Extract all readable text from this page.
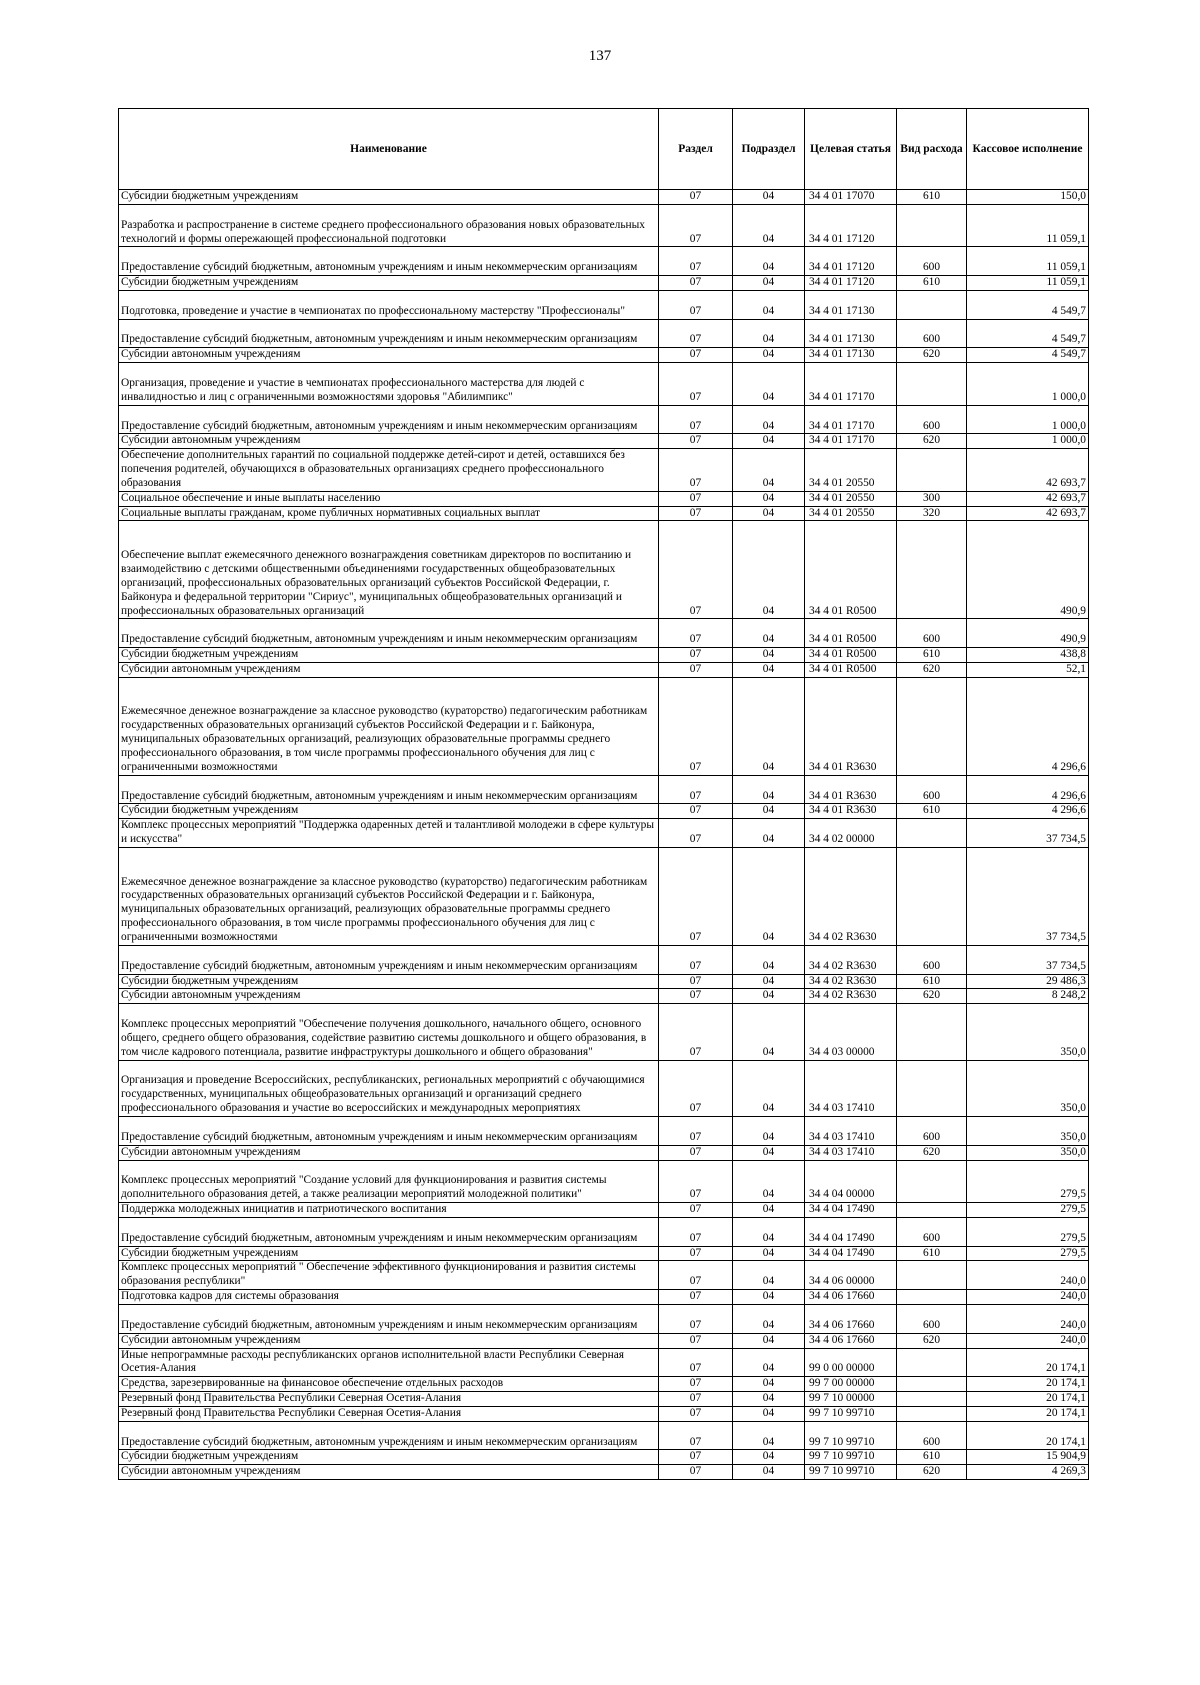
137
Наименование	Раздел	Подраздел	Целевая статья	Вид расхода	Кассовое исполнение
Субсидии бюджетным учреждениям	07	04	34 4 01 17070	610	150,0
Разработка и распространение в системе среднего профессионального образования новых образовательных технологий и формы опережающей профессиональной подготовки	07	04	34 4 01 17120		11 059,1
Предоставление субсидий бюджетным, автономным учреждениям и иным некоммерческим организациям	07	04	34 4 01 17120	600	11 059,1
Субсидии бюджетным учреждениям	07	04	34 4 01 17120	610	11 059,1
Подготовка, проведение и участие в чемпионатах по профессиональному мастерству "Профессионалы"	07	04	34 4 01 17130		4 549,7
Предоставление субсидий бюджетным, автономным учреждениям и иным некоммерческим организациям	07	04	34 4 01 17130	600	4 549,7
Субсидии автономным учреждениям	07	04	34 4 01 17130	620	4 549,7
Организация, проведение и участие в чемпионатах профессионального мастерства для людей с инвалидностью и лиц с ограниченными возможностями здоровья "Абилимпикс"	07	04	34 4 01 17170		1 000,0
Предоставление субсидий бюджетным, автономным учреждениям и иным некоммерческим организациям	07	04	34 4 01 17170	600	1 000,0
Субсидии автономным учреждениям	07	04	34 4 01 17170	620	1 000,0
Обеспечение дополнительных гарантий по социальной поддержке детей-сирот и детей, оставшихся без попечения родителей, обучающихся в образовательных организациях среднего профессионального образования	07	04	34 4 01 20550		42 693,7
Социальное обеспечение и иные выплаты населению	07	04	34 4 01 20550	300	42 693,7
Социальные выплаты гражданам, кроме публичных нормативных социальных выплат	07	04	34 4 01 20550	320	42 693,7
Обеспечение выплат ежемесячного денежного вознаграждения советникам директоров по воспитанию и взаимодействию с детскими общественными объединениями государственных общеобразовательных организаций, профессиональных образовательных организаций субъектов Российской Федерации, г. Байконура и федеральной территории "Сириус", муниципальных общеобразовательных организаций и профессиональных образовательных организаций	07	04	34 4 01 R0500		490,9
Предоставление субсидий бюджетным, автономным учреждениям и иным некоммерческим организациям	07	04	34 4 01 R0500	600	490,9
Субсидии бюджетным учреждениям	07	04	34 4 01 R0500	610	438,8
Субсидии автономным учреждениям	07	04	34 4 01 R0500	620	52,1
Ежемесячное денежное вознаграждение за классное руководство (кураторство) педагогическим работникам государственных образовательных организаций субъектов Российской Федерации и г. Байконура, муниципальных образовательных организаций, реализующих образовательные программы среднего профессионального образования, в том числе программы профессионального обучения для лиц с ограниченными возможностями	07	04	34 4 01 R3630		4 296,6
Предоставление субсидий бюджетным, автономным учреждениям и иным некоммерческим организациям	07	04	34 4 01 R3630	600	4 296,6
Субсидии бюджетным учреждениям	07	04	34 4 01 R3630	610	4 296,6
Комплекс процессных мероприятий "Поддержка одаренных детей и талантливой молодежи в сфере культуры и искусства"	07	04	34 4 02 00000		37 734,5
Ежемесячное денежное вознаграждение за классное руководство (кураторство) педагогическим работникам государственных образовательных организаций субъектов Российской Федерации и г. Байконура, муниципальных образовательных организаций, реализующих образовательные программы среднего профессионального образования, в том числе программы профессионального обучения для лиц с ограниченными возможностями	07	04	34 4 02 R3630		37 734,5
Предоставление субсидий бюджетным, автономным учреждениям и иным некоммерческим организациям	07	04	34 4 02 R3630	600	37 734,5
Субсидии бюджетным учреждениям	07	04	34 4 02 R3630	610	29 486,3
Субсидии автономным учреждениям	07	04	34 4 02 R3630	620	8 248,2
Комплекс процессных мероприятий "Обеспечение получения дошкольного, начального общего, основного общего, среднего общего образования, содействие развитию системы дошкольного и общего образования, в том числе кадрового потенциала, развитие инфраструктуры дошкольного и общего образования"	07	04	34 4 03 00000		350,0
Организация и проведение Всероссийских, республиканских, региональных мероприятий с обучающимися государственных, муниципальных общеобразовательных организаций и организаций среднего профессионального образования и участие во всероссийских и международных мероприятиях	07	04	34 4 03 17410		350,0
Предоставление субсидий бюджетным, автономным учреждениям и иным некоммерческим организациям	07	04	34 4 03 17410	600	350,0
Субсидии автономным учреждениям	07	04	34 4 03 17410	620	350,0
Комплекс процессных мероприятий "Создание условий для функционирования и развития системы дополнительного образования детей, а также реализации мероприятий молодежной политики"	07	04	34 4 04 00000		279,5
Поддержка молодежных инициатив и патриотического воспитания	07	04	34 4 04 17490		279,5
Предоставление субсидий бюджетным, автономным учреждениям и иным некоммерческим организациям	07	04	34 4 04 17490	600	279,5
Субсидии бюджетным учреждениям	07	04	34 4 04 17490	610	279,5
Комплекс процессных мероприятий " Обеспечение эффективного функционирования и развития системы образования республики"	07	04	34 4 06 00000		240,0
Подготовка кадров для системы образования	07	04	34 4 06 17660		240,0
Предоставление субсидий бюджетным, автономным учреждениям и иным некоммерческим организациям	07	04	34 4 06 17660	600	240,0
Субсидии автономным учреждениям	07	04	34 4 06 17660	620	240,0
Иные непрограммные расходы республиканских органов исполнительной власти Республики Северная Осетия-Алания	07	04	99 0 00 00000		20 174,1
Средства, зарезервированные на финансовое обеспечение отдельных расходов	07	04	99 7 00 00000		20 174,1
Резервный фонд Правительства Республики Северная Осетия-Алания	07	04	99 7 10 00000		20 174,1
Резервный фонд Правительства Республики Северная Осетия-Алания	07	04	99 7 10 99710		20 174,1
Предоставление субсидий бюджетным, автономным учреждениям и иным некоммерческим организациям	07	04	99 7 10 99710	600	20 174,1
Субсидии бюджетным учреждениям	07	04	99 7 10 99710	610	15 904,9
Субсидии автономным учреждениям	07	04	99 7 10 99710	620	4 269,3
